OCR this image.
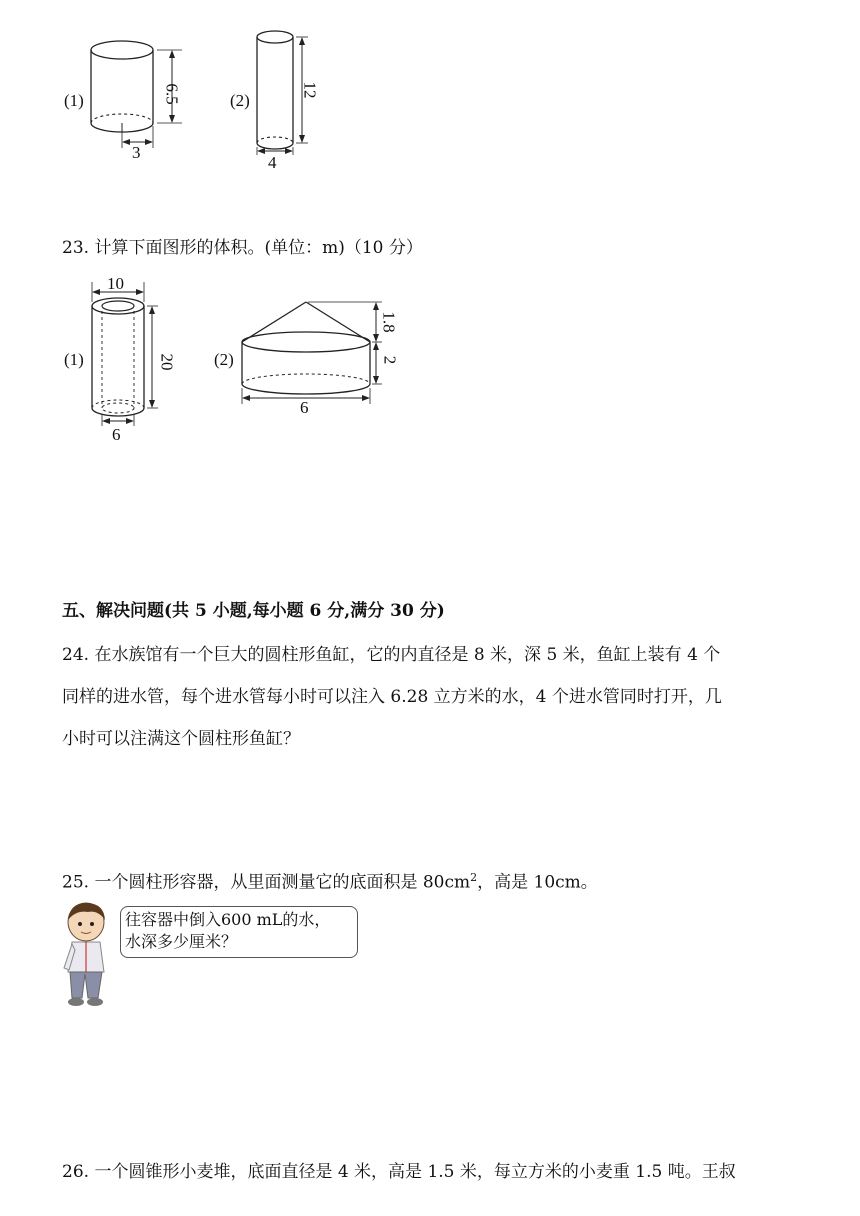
(1)	6.5
3
(2)
12
4
23. 计算下面图形的体积。(单位：m)（10 分）
(1)
10
20
6
(2)
1.8
2
6
五、解决问题(共 5 小题,每小题 6 分,满分 30 分)
24. 在水族馆有一个巨大的圆柱形鱼缸，它的内直径是 8 米，深 5 米，鱼缸上装有 4 个
同样的进水管，每个进水管每小时可以注入 6.28 立方米的水，4 个进水管同时打开，几
小时可以注满这个圆柱形鱼缸？
25. 一个圆柱形容器，从里面测量它的底面积是 $80cm^2$，高是 10cm。
往容器中倒入600 mL的水，
水深多少厘米？
26. 一个圆锥形小麦堆，底面直径是 4 米，高是 1.5 米，每立方米的小麦重 1.5 吨。王叔
